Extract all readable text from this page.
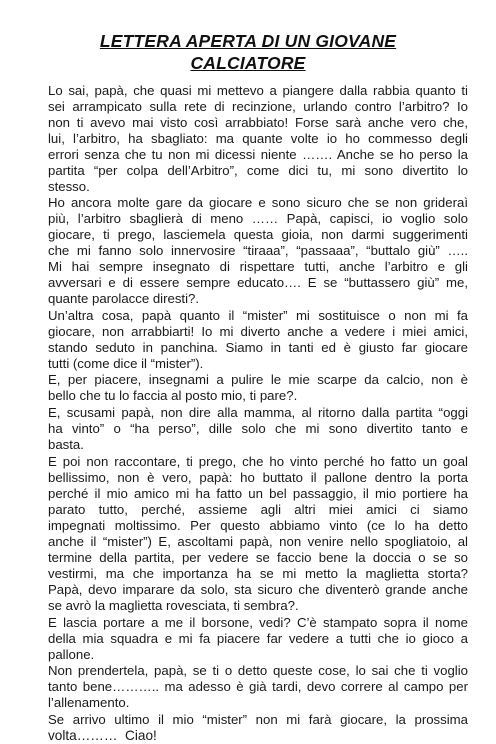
LETTERA APERTA DI UN GIOVANE
CALCIATORE
Lo sai, papà, che quasi mi mettevo a piangere dalla rabbia quanto ti
sei arrampicato sulla rete di recinzione, urlando contro l’arbitro? Io
non ti avevo mai visto così arrabbiato! Forse sarà anche vero che,
lui, l’arbitro, ha sbagliato: ma quante volte io ho commesso degli
errori senza che tu non mi dicessi niente ……. Anche se ho perso la
partita “per colpa dell’Arbitro”, come dici tu, mi sono divertito lo
stesso.
Ho ancora molte gare da giocare e sono sicuro che se non grideraì
più, l’arbitro sbaglierà di meno …… Papà, capisci, io voglio solo
giocare, ti prego, lasciemela questa gioia, non darmi suggerimenti
che mi fanno solo innervosire “tiraaa”, “passaaa”, “buttalo giù” …..
Mi hai sempre insegnato di rispettare tutti, anche l’arbitro e gli
avversari e di essere sempre educato…. E se “buttassero giù” me,
quante parolacce diresti?.
Un’altra cosa, papà quanto il “mister” mi sostituisce o non mi fa
giocare, non arrabbiarti! Io mi diverto anche a vedere i miei amici,
stando seduto in panchina. Siamo in tanti ed è giusto far giocare
tutti (come dice il “mister”).
E, per piacere, insegnami a pulire le mie scarpe da calcio, non è
bello che tu lo faccia al posto mio, ti pare?.
E, scusami papà, non dire alla mamma, al ritorno dalla partita “oggi
ha vinto” o “ha perso”, dille solo che mi sono divertito tanto e
basta.
E poi non raccontare, ti prego, che ho vinto perché ho fatto un goal
bellissimo, non è vero, papà: ho buttato il pallone dentro la porta
perché il mio amico mi ha fatto un bel passaggio, il mio portiere ha
parato tutto, perché, assieme agli altri miei amici ci siamo
impegnati moltissimo. Per questo abbiamo vinto (ce lo ha detto
anche il “mister”) E, ascoltami papà, non venire nello spogliatoio, al
termine della partita, per vedere se faccio bene la doccia o se so
vestirmi, ma che importanza ha se mi metto la maglietta storta?
Papà, devo imparare da solo, sta sicuro che diventerò grande anche
se avrò la maglietta rovesciata, ti sembra?.
E lascia portare a me il borsone, vedi? C’è stampato sopra il nome
della mia squadra e mi fa piacere far vedere a tutti che io gioco a
pallone.
Non prendertela, papà, se ti o detto queste cose, lo sai che ti voglio
tanto bene……….. ma adesso è già tardi, devo correre al campo per
l’allenamento.
Se arrivo ultimo il mio “mister” non mi farà giocare, la prossima
volta………  Ciao!
